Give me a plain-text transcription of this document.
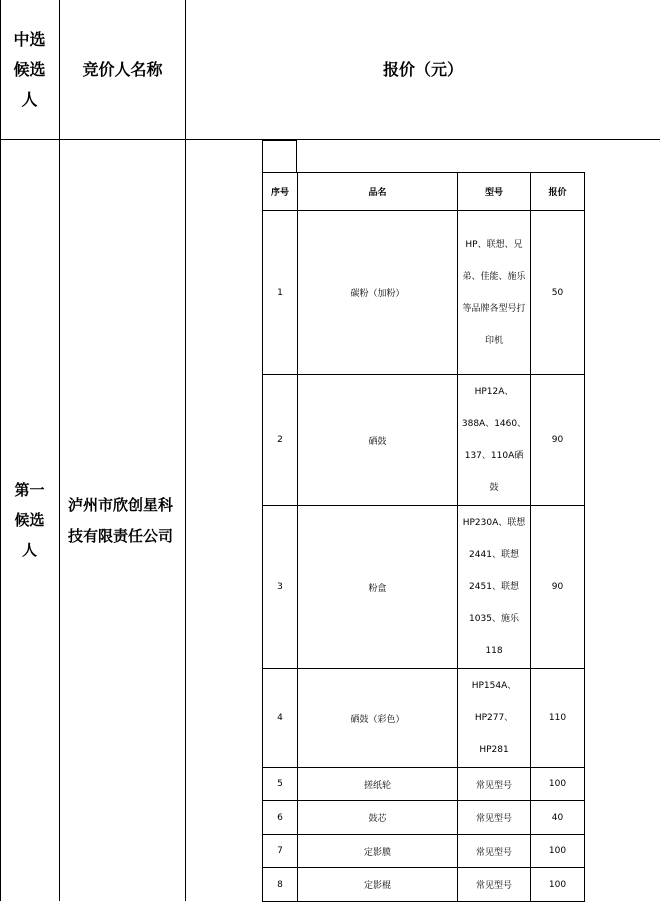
中选
候选
人
竞价人名称	报价（元）
第一
候选
人
泸州市欣创星科
技有限责任公司
序号	品名	型号	报价
1	碳粉（加粉）	HP、联想、兄弟、佳能、施乐等品牌各型号打印机	50
2	硒鼓	HP12A、388A、1460、137、110A硒鼓	90
3	粉盒	HP230A、联想2441、联想2451、联想1035、施乐118	90
4	硒鼓（彩色）	HP154A、HP277、HP281	110
5	搓纸轮	常见型号	100
6	鼓芯	常见型号	40
7	定影膜	常见型号	100
8	定影棍	常见型号	100
